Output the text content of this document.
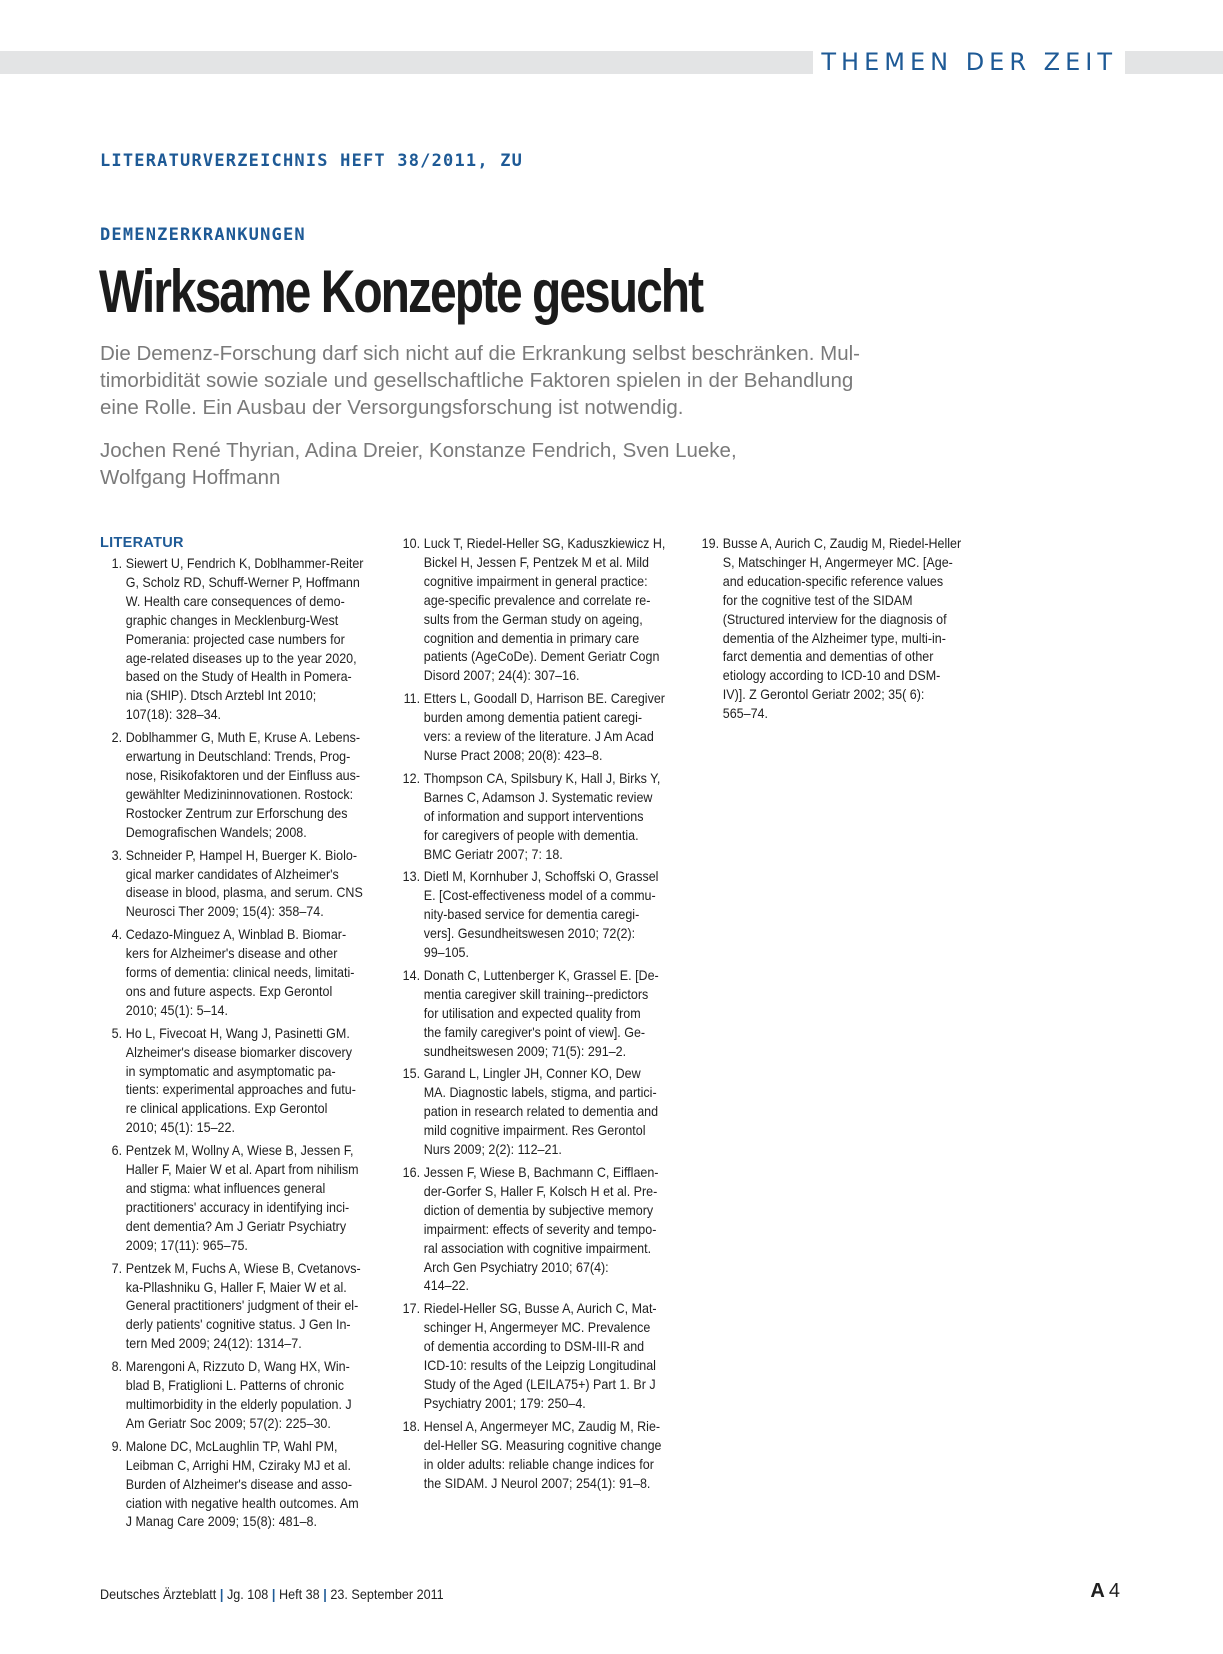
THEMEN DER ZEIT
LITERATURVERZEICHNIS HEFT 38/2011, ZU
DEMENZERKRANKUNGEN
Wirksame Konzepte gesucht
Die Demenz-Forschung darf sich nicht auf die Erkrankung selbst beschränken. Mul-
timorbidität sowie soziale und gesellschaftliche Faktoren spielen in der Behandlung
eine Rolle. Ein Ausbau der Versorgungsforschung ist notwendig.
Jochen René Thyrian, Adina Dreier, Konstanze Fendrich, Sven Lueke,
Wolfgang Hoffmann
LITERATUR
1. Siewert U, Fendrich K, Doblhammer-Reiter
G, Scholz RD, Schuff-Werner P, Hoffmann
W. Health care consequences of demo-
graphic changes in Mecklenburg-West
Pomerania: projected case numbers for
age-related diseases up to the year 2020,
based on the Study of Health in Pomera-
nia (SHIP). Dtsch Arztebl Int 2010;
107(18): 328–34.
2. Doblhammer G, Muth E, Kruse A. Lebens-
erwartung in Deutschland: Trends, Prog-
nose, Risikofaktoren und der Einfluss aus-
gewählter Medizininnovationen. Rostock:
Rostocker Zentrum zur Erforschung des
Demografischen Wandels; 2008.
3. Schneider P, Hampel H, Buerger K. Biolo-
gical marker candidates of Alzheimer's
disease in blood, plasma, and serum. CNS
Neurosci Ther 2009; 15(4): 358–74.
4. Cedazo-Minguez A, Winblad B. Biomar-
kers for Alzheimer's disease and other
forms of dementia: clinical needs, limitati-
ons and future aspects. Exp Gerontol
2010; 45(1): 5–14.
5. Ho L, Fivecoat H, Wang J, Pasinetti GM.
Alzheimer's disease biomarker discovery
in symptomatic and asymptomatic pa-
tients: experimental approaches and futu-
re clinical applications. Exp Gerontol
2010; 45(1): 15–22.
6. Pentzek M, Wollny A, Wiese B, Jessen F,
Haller F, Maier W et al. Apart from nihilism
and stigma: what influences general
practitioners' accuracy in identifying inci-
dent dementia? Am J Geriatr Psychiatry
2009; 17(11): 965–75.
7. Pentzek M, Fuchs A, Wiese B, Cvetanovs-
ka-Pllashniku G, Haller F, Maier W et al.
General practitioners' judgment of their el-
derly patients' cognitive status. J Gen In-
tern Med 2009; 24(12): 1314–7.
8. Marengoni A, Rizzuto D, Wang HX, Win-
blad B, Fratiglioni L. Patterns of chronic
multimorbidity in the elderly population. J
Am Geriatr Soc 2009; 57(2): 225–30.
9. Malone DC, McLaughlin TP, Wahl PM,
Leibman C, Arrighi HM, Cziraky MJ et al.
Burden of Alzheimer's disease and asso-
ciation with negative health outcomes. Am
J Manag Care 2009; 15(8): 481–8.
10. Luck T, Riedel-Heller SG, Kaduszkiewicz H,
Bickel H, Jessen F, Pentzek M et al. Mild
cognitive impairment in general practice:
age-specific prevalence and correlate re-
sults from the German study on ageing,
cognition and dementia in primary care
patients (AgeCoDe). Dement Geriatr Cogn
Disord 2007; 24(4): 307–16.
11. Etters L, Goodall D, Harrison BE. Caregiver
burden among dementia patient caregi-
vers: a review of the literature. J Am Acad
Nurse Pract 2008; 20(8): 423–8.
12. Thompson CA, Spilsbury K, Hall J, Birks Y,
Barnes C, Adamson J. Systematic review
of information and support interventions
for caregivers of people with dementia.
BMC Geriatr 2007; 7: 18.
13. Dietl M, Kornhuber J, Schoffski O, Grassel
E. [Cost-effectiveness model of a commu-
nity-based service for dementia caregi-
vers]. Gesundheitswesen 2010; 72(2):
99–105.
14. Donath C, Luttenberger K, Grassel E. [De-
mentia caregiver skill training--predictors
for utilisation and expected quality from
the family caregiver's point of view]. Ge-
sundheitswesen 2009; 71(5): 291–2.
15. Garand L, Lingler JH, Conner KO, Dew
MA. Diagnostic labels, stigma, and partici-
pation in research related to dementia and
mild cognitive impairment. Res Gerontol
Nurs 2009; 2(2): 112–21.
16. Jessen F, Wiese B, Bachmann C, Eifflaen-
der-Gorfer S, Haller F, Kolsch H et al. Pre-
diction of dementia by subjective memory
impairment: effects of severity and tempo-
ral association with cognitive impairment.
Arch Gen Psychiatry 2010; 67(4):
414–22.
17. Riedel-Heller SG, Busse A, Aurich C, Mat-
schinger H, Angermeyer MC. Prevalence
of dementia according to DSM-III-R and
ICD-10: results of the Leipzig Longitudinal
Study of the Aged (LEILA75+) Part 1. Br J
Psychiatry 2001; 179: 250–4.
18. Hensel A, Angermeyer MC, Zaudig M, Rie-
del-Heller SG. Measuring cognitive change
in older adults: reliable change indices for
the SIDAM. J Neurol 2007; 254(1): 91–8.
19. Busse A, Aurich C, Zaudig M, Riedel-Heller
S, Matschinger H, Angermeyer MC. [Age-
and education-specific reference values
for the cognitive test of the SIDAM
(Structured interview for the diagnosis of
dementia of the Alzheimer type, multi-in-
farct dementia and dementias of other
etiology according to ICD-10 and DSM-
IV)]. Z Gerontol Geriatr 2002; 35( 6):
565–74.
Deutsches Ärzteblatt | Jg. 108 | Heft 38 | 23. September 2011	A 4
